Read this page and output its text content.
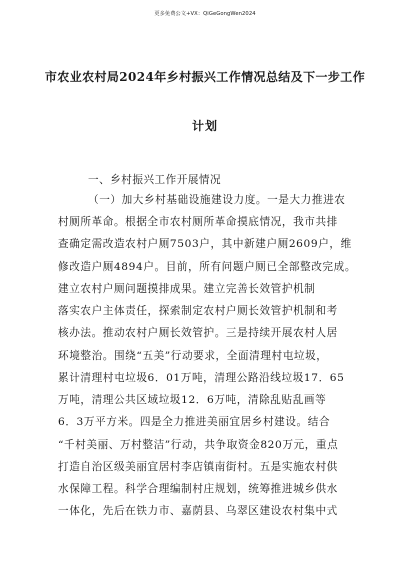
更多免费公文+VX：QiGeGongWen2024
市农业农村局2024年乡村振兴工作情况总结及下一步工作
计划
一、乡村振兴工作开展情况
（一）加大乡村基础设施建设力度。一是大力推进农
村厕所革命。根据全市农村厕所革命摸底情况，我市共排
查确定需改造农村户厕7503户，其中新建户厕2609户，维
修改造户厕4894户。目前，所有问题户厕已全部整改完成。
建立农村户厕问题摸排成果。建立完善长效管护机制
落实农户主体责任，探索制定农村户厕长效管护机制和考
核办法。推动农村户厕长效管护。三是持续开展农村人居
环境整治。围绕“五美”行动要求，全面清理村屯垃圾，
累计清理村屯垃圾6．01万吨，清理公路沿线垃圾17．65
万吨，清理公共区域垃圾12．6万吨，清除乱贴乱画等
6．3万平方米。四是全力推进美丽宜居乡村建设。结合
“千村美丽、万村整洁”行动，共争取资金820万元，重点
打造自治区级美丽宜居村李店镇南街村。五是实施农村供
水保障工程。科学合理编制村庄规划，统筹推进城乡供水
一体化，先后在铁力市、嘉荫县、乌翠区建设农村集中式
